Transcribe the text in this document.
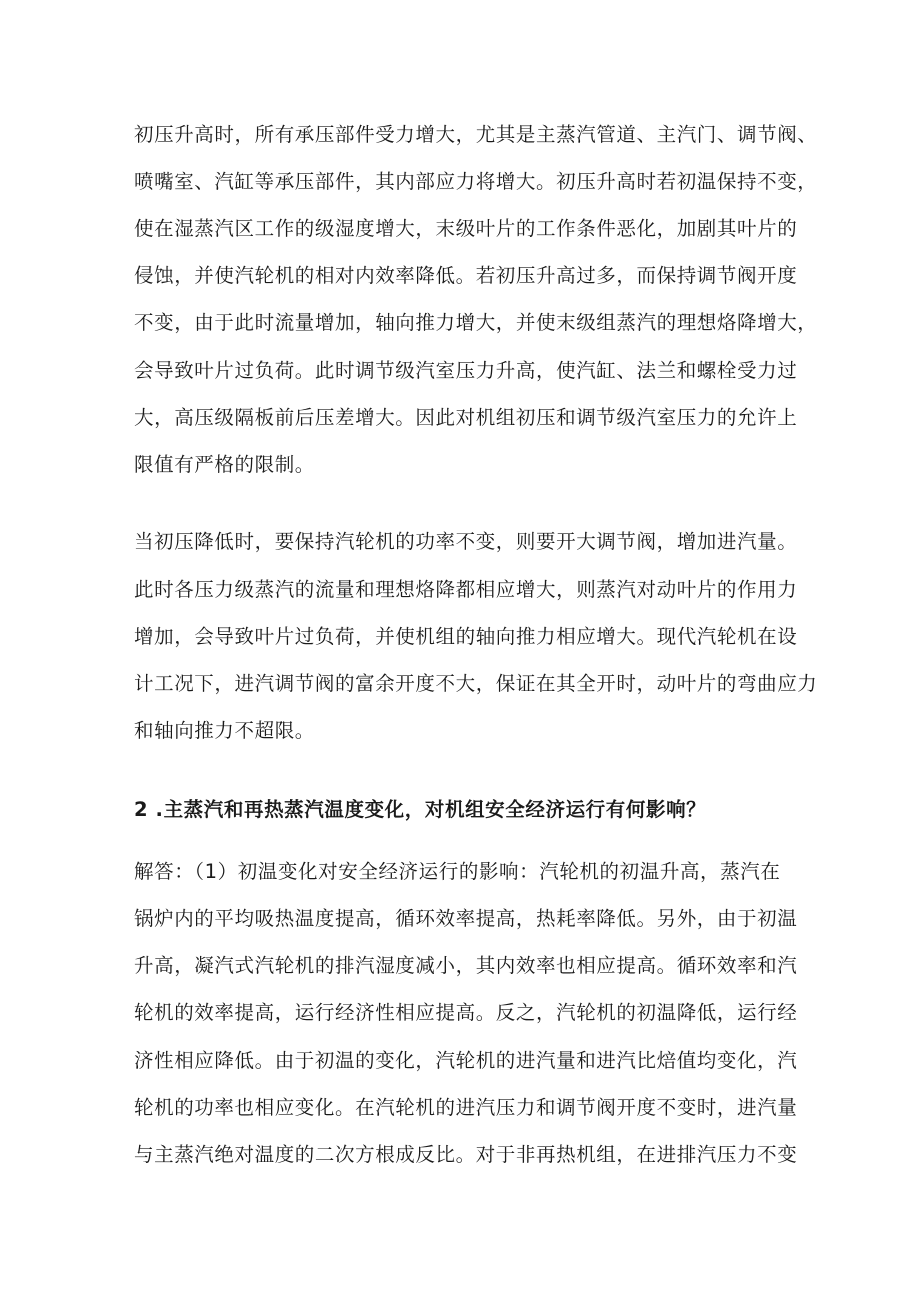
初压升高时，所有承压部件受力增大，尤其是主蒸汽管道、主汽门、调节阀、
喷嘴室、汽缸等承压部件，其内部应力将增大。初压升高时若初温保持不变，
使在湿蒸汽区工作的级湿度增大，末级叶片的工作条件恶化，加剧其叶片的
侵蚀，并使汽轮机的相对内效率降低。若初压升高过多，而保持调节阀开度
不变，由于此时流量增加，轴向推力增大，并使末级组蒸汽的理想烙降增大，
会导致叶片过负荷。此时调节级汽室压力升高，使汽缸、法兰和螺栓受力过
大，高压级隔板前后压差增大。因此对机组初压和调节级汽室压力的允许上
限值有严格的限制。
当初压降低时，要保持汽轮机的功率不变，则要开大调节阀，增加进汽量。
此时各压力级蒸汽的流量和理想烙降都相应增大，则蒸汽对动叶片的作用力
增加，会导致叶片过负荷，并使机组的轴向推力相应增大。现代汽轮机在设
计工况下，进汽调节阀的富余开度不大，保证在其全开时，动叶片的弯曲应力
和轴向推力不超限。
2 .主蒸汽和再热蒸汽温度变化，对机组安全经济运行有何影响？
解答：（1）初温变化对安全经济运行的影响：汽轮机的初温升高，蒸汽在
锅炉内的平均吸热温度提高，循环效率提高，热耗率降低。另外，由于初温
升高，凝汽式汽轮机的排汽湿度减小，其内效率也相应提高。循环效率和汽
轮机的效率提高，运行经济性相应提高。反之，汽轮机的初温降低，运行经
济性相应降低。由于初温的变化，汽轮机的进汽量和进汽比焙值均变化，汽
轮机的功率也相应变化。在汽轮机的进汽压力和调节阀开度不变时，进汽量
与主蒸汽绝对温度的二次方根成反比。对于非再热机组，在进排汽压力不变
